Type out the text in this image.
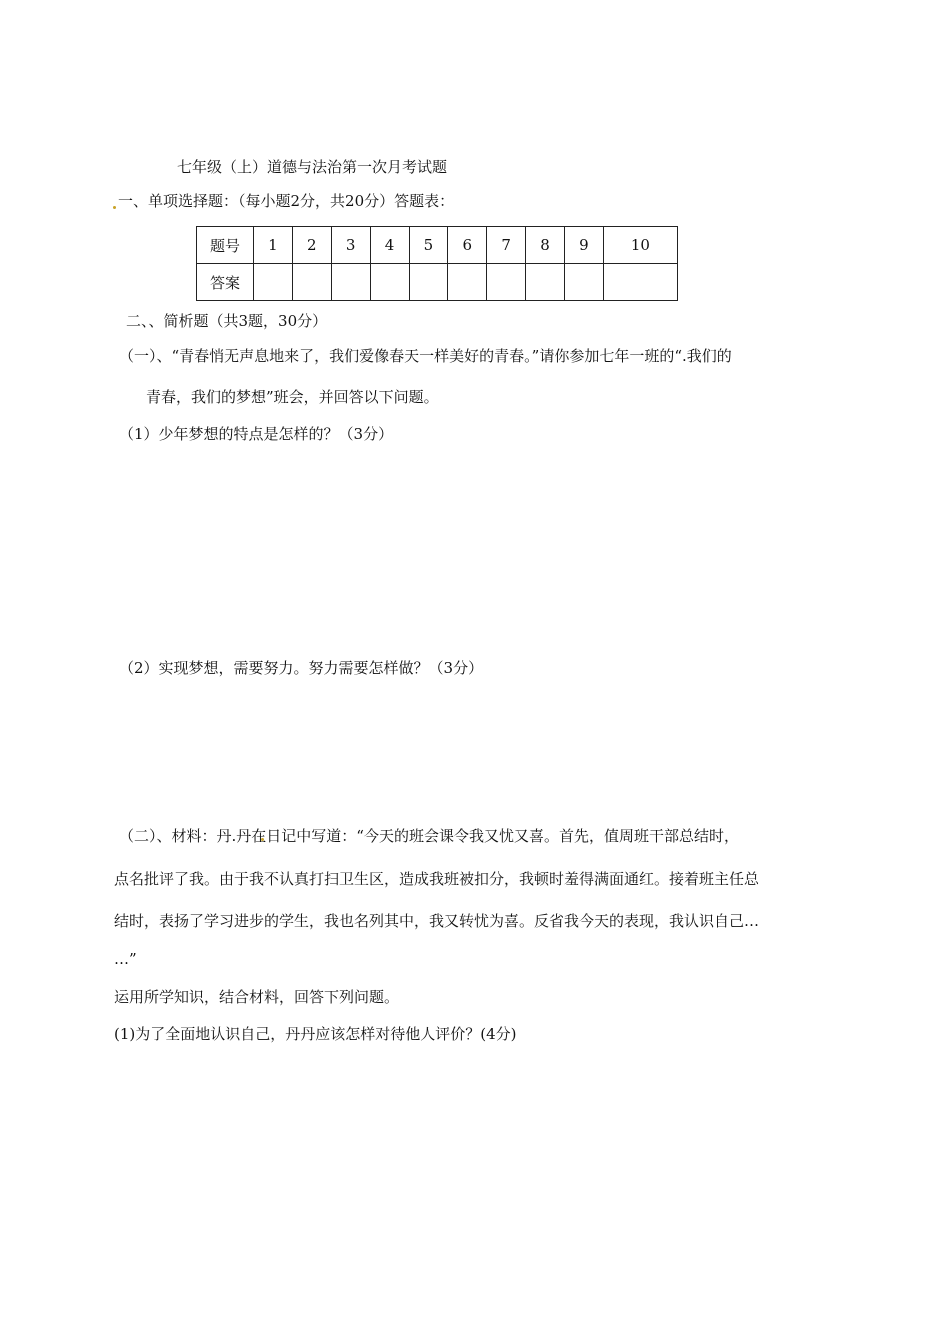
七年级（上）道德与法治第一次月考试题
一、单项选择题：（每小题2分，共20分）答题表：
题号	1	2	3	4	5	6	7	8	9	10
答案										
二、、简析题（共3题，30分）
（一）、“青春悄无声息地来了，我们爱像春天一样美好的青春。”请你参加七年一班的“.我们的
青春，我们的梦想”班会，并回答以下问题。
（1）少年梦想的特点是怎样的？（3分）
（2）实现梦想，需要努力。努力需要怎样做？（3分）
（二）、材料：丹.丹在日记中写道：“今天的班会课令我又忧又喜。首先，值周班干部总结时，
点名批评了我。由于我不认真打扫卫生区，造成我班被扣分，我顿时羞得满面通红。接着班主任总
结时，表扬了学习进步的学生，我也名列其中，我又转忧为喜。反省我今天的表现，我认识自己…
…”
运用所学知识，结合材料，回答下列问题。
(1)为了全面地认识自己，丹丹应该怎样对待他人评价？(4分)
